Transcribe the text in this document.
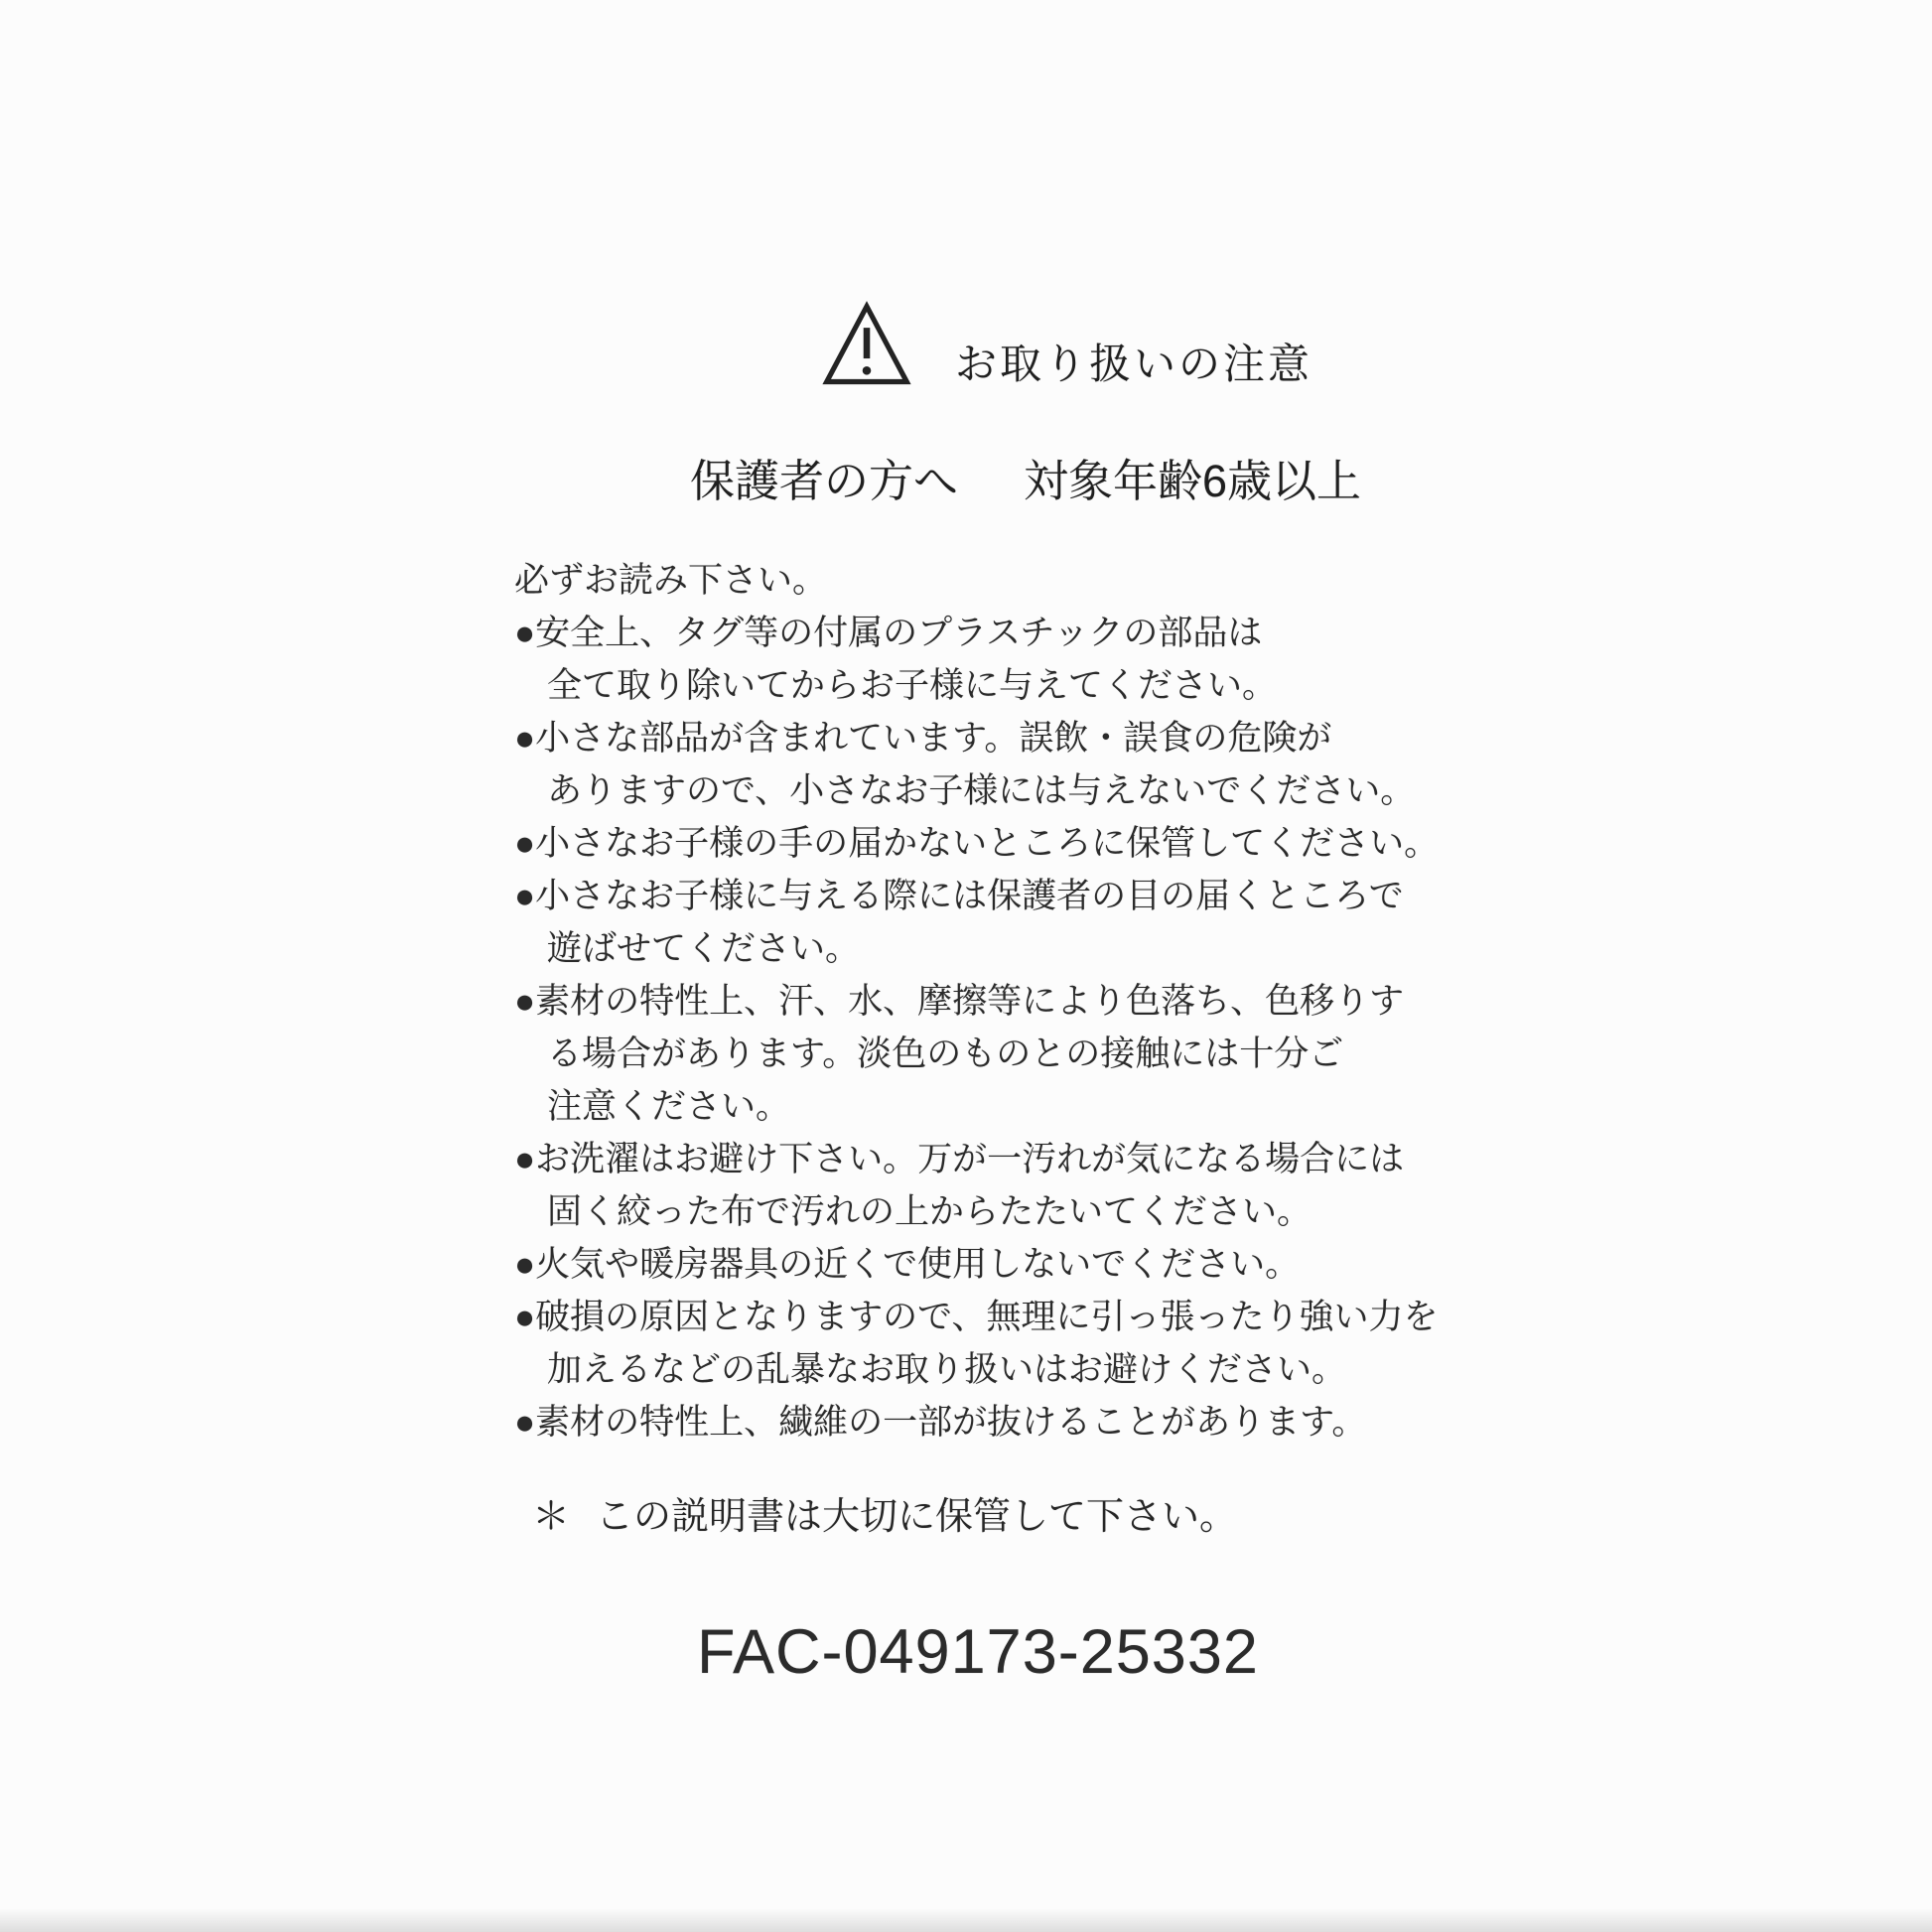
お取り扱いの注意
保護者の方へ 対象年齢6歳以上
必ずお読み下さい。
●安全上、タグ等の付属のプラスチックの部品は
全て取り除いてからお子様に与えてください。
●小さな部品が含まれています。誤飲・誤食の危険が
ありますので、小さなお子様には与えないでください。
●小さなお子様の手の届かないところに保管してください。
●小さなお子様に与える際には保護者の目の届くところで
遊ばせてください。
●素材の特性上、汗、水、摩擦等により色落ち、色移りす
る場合があります。淡色のものとの接触には十分ご
注意ください。
●お洗濯はお避け下さい。万が一汚れが気になる場合には
固く絞った布で汚れの上からたたいてください。
●火気や暖房器具の近くで使用しないでください。
●破損の原因となりますので、無理に引っ張ったり強い力を
加えるなどの乱暴なお取り扱いはお避けください。
●素材の特性上、繊維の一部が抜けることがあります。
＊ この説明書は大切に保管して下さい。
FAC-049173-25332
